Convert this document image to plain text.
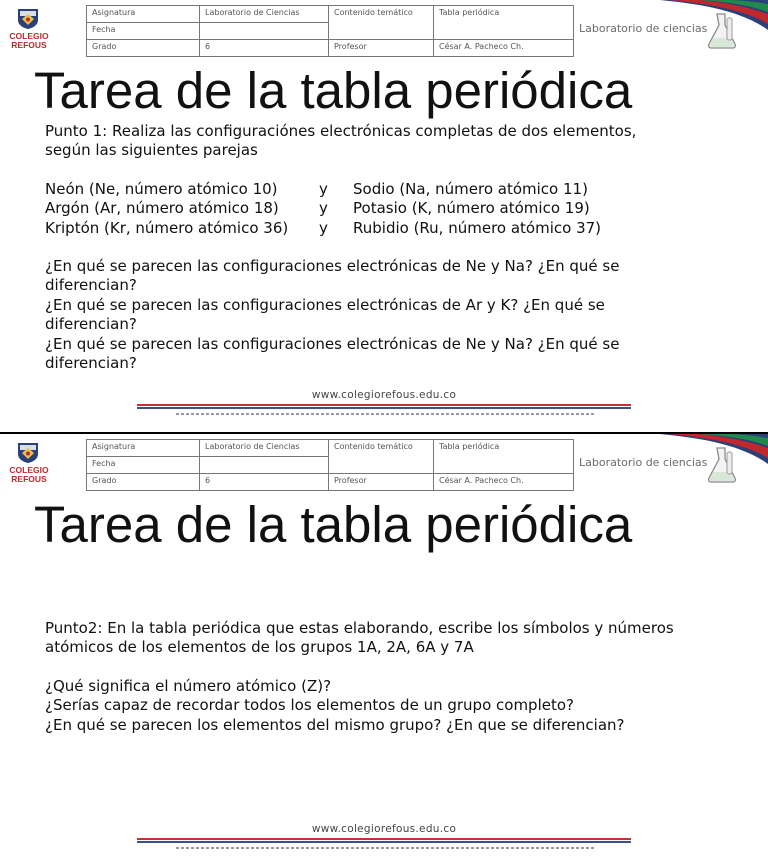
COLEGIO
REFOUS
Asignatura	Laboratorio de Ciencias	Contenido temático	Tabla periódica
Fecha			
Grado	6	Profesor	César A. Pacheco Ch.
Laboratorio de ciencias
Tarea de la tabla periódica

Punto 1: Realiza las configuraciónes electrónicas completas de dos elementos,

según las siguientes parejas

Neón (Ne, número atómico 10)	y	Sodio (Na, número atómico 11)
Argón (Ar, número atómico 18)	y	Potasio (K, número atómico 19)
Kriptón (Kr, número atómico 36)	y	Rubidio (Ru, número atómico 37)

¿En qué se parecen las configuraciones electrónicas de Ne y Na? ¿En qué se

diferencian?

¿En qué se parecen las configuraciones electrónicas de Ar y K? ¿En qué se

diferencian?

¿En qué se parecen las configuraciones electrónicas de Ne y Na? ¿En qué se

diferencian?

www.colegiorefous.edu.co
COLEGIO
REFOUS
Asignatura	Laboratorio de Ciencias	Contenido temático	Tabla periódica
Fecha			
Grado	6	Profesor	César A. Pacheco Ch.
Laboratorio de ciencias
Tarea de la tabla periódica

Punto2: En la tabla periódica que estas elaborando, escribe los símbolos y números

atómicos de los elementos de los grupos 1A, 2A, 6A y 7A

¿Qué significa el número atómico (Z)?

¿Serías capaz de recordar todos los elementos de un grupo completo?

¿En qué se parecen los elementos del mismo grupo? ¿En que se diferencian?

www.colegiorefous.edu.co
